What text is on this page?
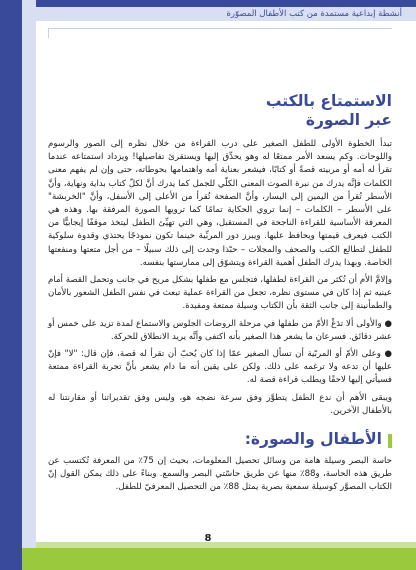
أنشطة إبداعية مستمدة من كتب الأطفال المصوّرة
الاستمتاع بالكتب
عبر الصورة

تبدأ الخطوة الأولى للطفل الصغير على درب القراءة من خلال نظره إلى الصور والرسوم واللوحات. وكم يسعد الأمر ممتعًا له وهو يحدِّق إليها ويستقرئ تفاصيلها! ويزداد استمتاعه عندما تقرأ له أمه أو مربيته قصةً أو كتابًا، فيشعر بعناية أمه واهتمامها بحوطاته، حتى وإن لم يفهم معنى الكلمات فإنَّه يدرك من نبرة الصوت المعنى الكلّي للجمل كما يدرك أنَّ لكلّ كتاب بداية ونهاية، وأنَّ الأسطر تُقرأ من اليمين إلى اليسار، وأنَّ الصفحة تُقرأ من الأعلى إلى الأسفل، وأنَّ "الخربشة" على الأسطر – الكلمات – إنما تروي الحكاية تمامًا كما ترويها الصورة المرفقة بها. وهذه هي المعرفة الأساسية للقراءة الناجحة في المستقبل، وهي التي تهيِّئ الطفل ليتخذ موقفًا إيجابيًّا من الكتب فيعرف قيمتها ويحافظ عليها. ويبرز دور المربِّية حينما تكون نموذجًا يحتذي وقدوة سلوكية للطفل لتطالع الكتب والصحف والمجلات – حبّذا وجدت إلى ذلك سبيلًا – من أجل متعتها ومنفعتها الخاصة. وبهذا يدرك الطفل أهمية القراءة ويتشوّق إلى ممارستها بنفسه.

وإلامَّ الأم أن تُكثر من القراءة لطفلها، فتجلس مع طفلها بشكل مريح في جانب وتحمل القصة أمام عينيه ثم إذا كان في مستوى نظره، تجعل من القراءة عملية تبعث في نفس الطفل الشعور بالأمان والطمأنينة إلى جانب الثقة بأن الكتاب وسيلة ممتعة ومفيدة.

● والأولى ألا تدَعْ الأمّ من طفلها في مرحلة الروضات الجلوس والاستماع لمدة تزيد على خمس أو عشر دقائق. فسرعان ما يشعر هذا الصغير بأنه اكتفى وأنَّه يريد الانطلاق للحركة.

● وعلى الأمّ أو المربّية أن تسأل الصغير عمّا إذا كان يُحبّ أن تقرأ له قصة، فإن قال: "لا" فإنّ عليها أن تدعه ولا ترغمه على ذلك. ولكن على يقين أنه ما دام يشعر بأنَّ تجربة القراءة ممتعة فسيأتي إليها لاحقًا ويطلب قراءة قصة له.

ويبقى الأهم أن ندع الطفل يتطوَّر وفق سرعة نضجه هو، وليس وفق تقديراتنا أو مقارنتنا له بالأطفال الآخرين.

الأطفال والصورة:

حاسة البصر وسيلة هامة من وسائل تحصيل المعلومات، بحيث إن 75٪ من المعرفة تُكتسب عن طريق هذه الحاسة، و88٪ منها عن طريق حاسّتي البصر والسمع. وبناءً على ذلك يمكن القول إنّ الكتاب المصوَّر كوسيلة سمعية بصرية يمثل 88٪ من التحصيل المعرفيّ للطفل.

8
